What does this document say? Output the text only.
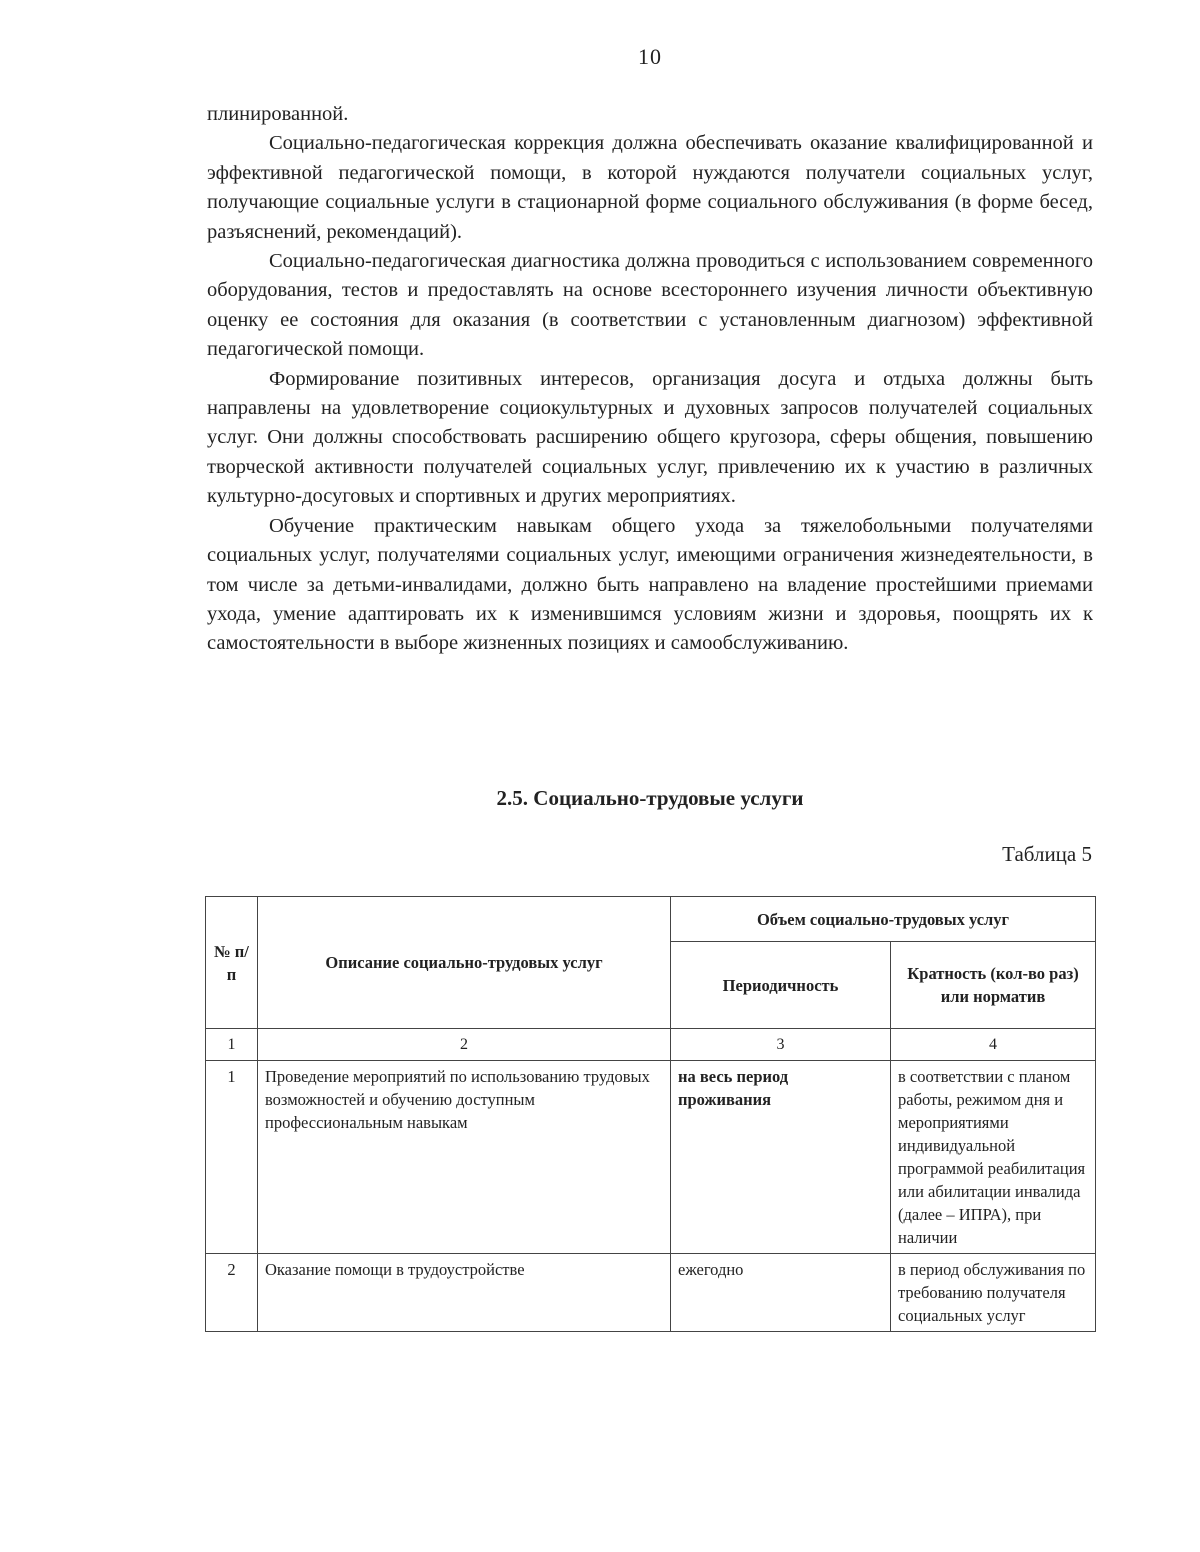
10

плинированной.

Социально-педагогическая коррекция должна обеспечивать оказание квалифицированной и эффективной педагогической помощи, в которой нуждаются получатели социальных услуг, получающие социальные услуги в стационарной форме социального обслуживания (в форме бесед, разъяснений, рекомендаций).

Социально-педагогическая диагностика должна проводиться с использованием современного оборудования, тестов и предоставлять на основе всестороннего изучения личности объективную оценку ее состояния для оказания (в соответствии с установленным диагнозом) эффективной педагогической помощи.

Формирование позитивных интересов, организация досуга и отдыха должны быть направлены на удовлетворение социокультурных и духовных запросов получателей социальных услуг. Они должны способствовать расширению общего кругозора, сферы общения, повышению творческой активности получателей социальных услуг, привлечению их к участию в различных культурно-досуговых и спортивных и других мероприятиях.

Обучение практическим навыкам общего ухода за тяжелобольными получателями социальных услуг, получателями социальных услуг, имеющими ограничения жизнедеятельности, в том числе за детьми-инвалидами, должно быть направлено на владение простейшими приемами ухода, умение адаптировать их к изменившимся условиям жизни и здоровья, поощрять их к самостоятельности в выборе жизненных позициях и самообслуживанию.

2.5. Социально-трудовые услуги
Таблица 5
№ п/п	Описание социально-трудовых услуг	Объем социально-трудовых услуг	
		Периодичность	Кратность (кол-во раз) или норматив
1	2	3	4
1	Проведение мероприятий по использованию трудовых возможностей и обучению доступным профессиональным навыкам	на весь период проживания	в соответствии с планом работы, режимом дня и мероприятиями индивидуальной программой реабилитация или абилитации инвалида (далее – ИПРА), при наличии
2	Оказание помощи в трудоустройстве	ежегодно	в период обслуживания по требованию получателя социальных услуг
